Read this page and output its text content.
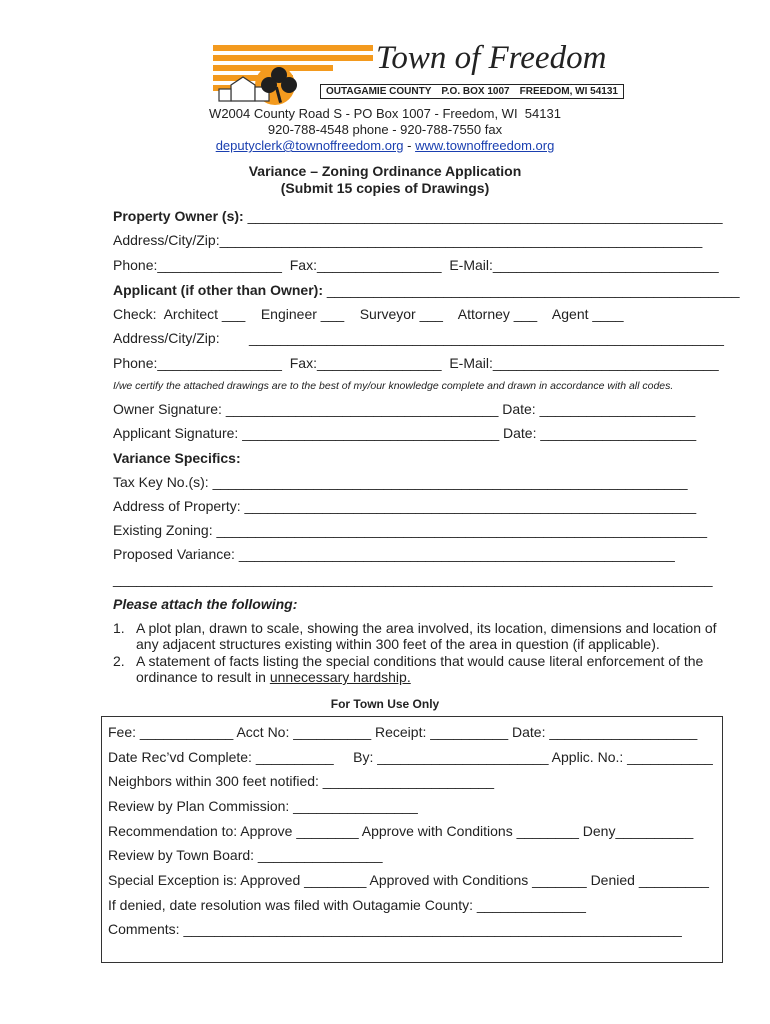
Town of Freedom
OUTAGAMIE COUNTY P.O. BOX 1007 FREEDOM, WI 54131
W2004 County Road S - PO Box 1007 - Freedom, WI  54131
920-788-4548 phone - 920-788-7550 fax
deputyclerk@townoffreedom.org - www.townoffreedom.org
Variance – Zoning Ordinance Application
(Submit 15 copies of Drawings)
Property Owner (s): _____________________________________________________________
Address/City/Zip:______________________________________________________________
Phone:________________  Fax:________________  E-Mail:_____________________________
Applicant (if other than Owner): _____________________________________________________
Check:  Architect ___    Engineer ___    Surveyor ___    Attorney ___    Agent ____
Address/City/Zip: _____________________________________________________________
Phone:________________  Fax:________________  E-Mail:_____________________________
I/we certify the attached drawings are to the best of my/our knowledge complete and drawn in accordance with all codes.
Owner Signature: ___________________________________ Date: ____________________
Applicant Signature: _________________________________ Date: ____________________
Variance Specifics:
Tax Key No.(s): _____________________________________________________________
Address of Property: __________________________________________________________
Existing Zoning: _______________________________________________________________
Proposed Variance: ________________________________________________________
_____________________________________________________________________________
Please attach the following:
1. A plot plan, drawn to scale, showing the area involved, its location, dimensions and location of
any adjacent structures existing within 300 feet of the area in question (if applicable).
2. A statement of facts listing the special conditions that would cause literal enforcement of the
ordinance to result in unnecessary hardship.
For Town Use Only
Fee: ____________ Acct No: __________ Receipt: __________ Date: ___________________
Date Rec’vd Complete: __________     By: ______________________ Applic. No.: ___________
Neighbors within 300 feet notified: ______________________
Review by Plan Commission: ________________
Recommendation to: Approve ________ Approve with Conditions ________ Deny__________
Review by Town Board: ________________
Special Exception is: Approved ________ Approved with Conditions _______ Denied _________
If denied, date resolution was filed with Outagamie County: ______________
Comments: ________________________________________________________________
